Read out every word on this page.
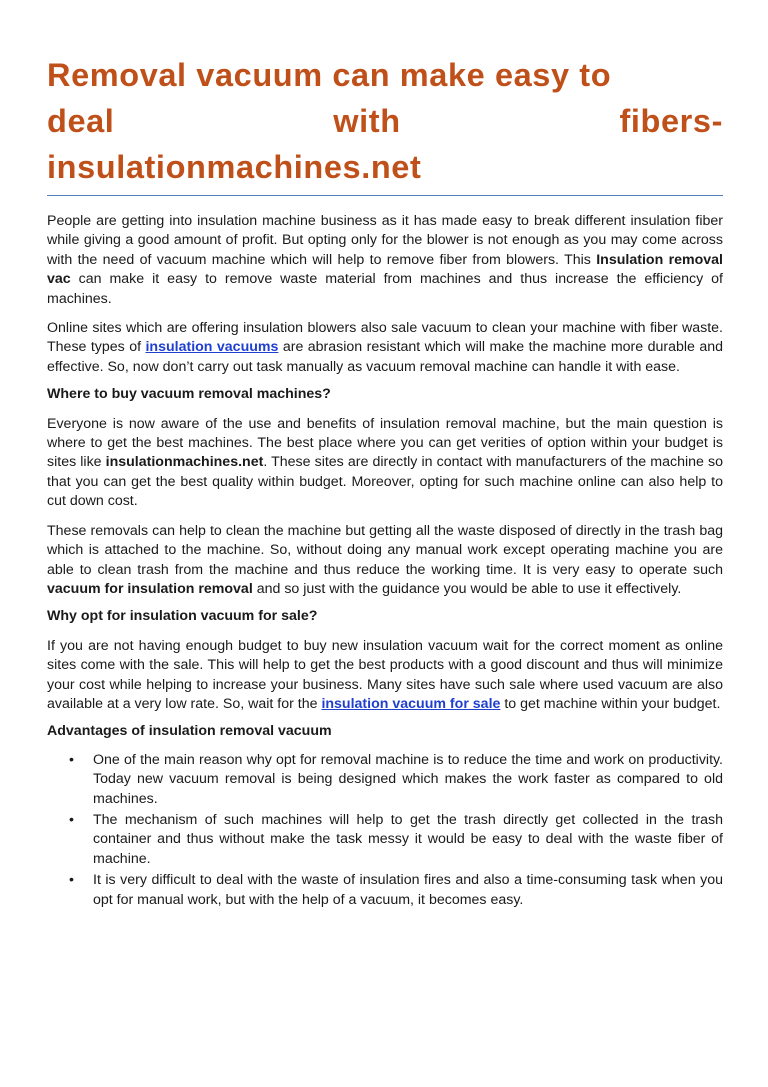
Removal vacuum can make easy to
deal with fibers-
insulationmachines.net

People are getting into insulation machine business as it has made easy to break different insulation fiber while giving a good amount of profit. But opting only for the blower is not enough as you may come across with the need of vacuum machine which will help to remove fiber from blowers. This Insulation removal vac can make it easy to remove waste material from machines and thus increase the efficiency of machines.

Online sites which are offering insulation blowers also sale vacuum to clean your machine with fiber waste. These types of insulation vacuums are abrasion resistant which will make the machine more durable and effective. So, now don’t carry out task manually as vacuum removal machine can handle it with ease.

Where to buy vacuum removal machines?

Everyone is now aware of the use and benefits of insulation removal machine, but the main question is where to get the best machines. The best place where you can get verities of option within your budget is sites like insulationmachines.net. These sites are directly in contact with manufacturers of the machine so that you can get the best quality within budget. Moreover, opting for such machine online can also help to cut down cost.

These removals can help to clean the machine but getting all the waste disposed of directly in the trash bag which is attached to the machine. So, without doing any manual work except operating machine you are able to clean trash from the machine and thus reduce the working time. It is very easy to operate such vacuum for insulation removal and so just with the guidance you would be able to use it effectively.

Why opt for insulation vacuum for sale?

If you are not having enough budget to buy new insulation vacuum wait for the correct moment as online sites come with the sale. This will help to get the best products with a good discount and thus will minimize your cost while helping to increase your business. Many sites have such sale where used vacuum are also available at a very low rate. So, wait for the insulation vacuum for sale to get machine within your budget.

Advantages of insulation removal vacuum
• One of the main reason why opt for removal machine is to reduce the time and work on productivity. Today new vacuum removal is being designed which makes the work faster as compared to old machines.
• The mechanism of such machines will help to get the trash directly get collected in the trash container and thus without make the task messy it would be easy to deal with the waste fiber of machine.
• It is very difficult to deal with the waste of insulation fires and also a time-consuming task when you opt for manual work, but with the help of a vacuum, it becomes easy.
